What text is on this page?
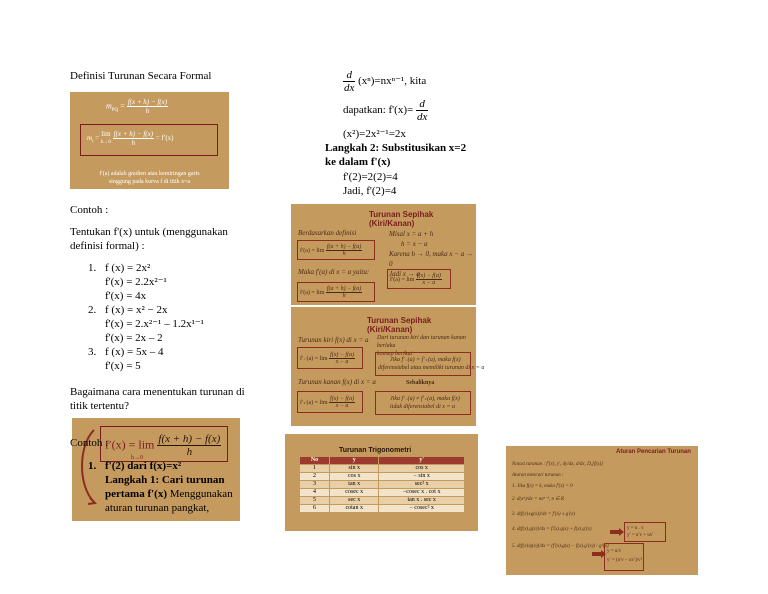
Definisi Turunan Secara Formal
$m_{PQ} = \frac{f(x + h) - f(x)}{h}$
$m_t = \lim$
$h\to 0 \frac{f(x + h) - f(x)}{h} = f'(x)$
f′(a) adalah gradien atau kemiringan garis
singgung pada kurva f di titik x=a
Contoh :
Tentukan f'(x) untuk (menggunakan
definisi formal) :
1. f (x) = 2x²
f'(x) = 2.2x²⁻¹
f'(x) = 4x
2. f (x) = x² − 2x
f'(x) = 2.x²⁻¹ – 1.2x¹⁻¹
f'(x) = 2x – 2
3. f (x) = 5x – 4
f'(x) = 5
Bagaimana cara menentukan turunan di
titik tertentu?
$f'(x) = \lim \frac{f(x + h) - f(x)}{h}$
h→0
Contoh :
1. f'(2) dari f(x)=x²
Langkah 1: Cari turunan
pertama f'(x) Menggunakan
aturan turunan pangkat,
$\frac{d}{dx} (x^n)=nx^{n-1}$, kita
dapatkan: $f'(x)= \frac{d}{dx}$
(x²)=2x²⁻¹=2x
Langkah 2: Substitusikan x=2
ke dalam f'(x)
f'(2)=2(2)=4
Jadi, f'(2)=4
Turunan Sepihak (Kiri/Kanan)
Berdasarkan definisi
$f'(a) = \lim \frac{f(a + h) - f(a)}{h}$
Maka f′(a) di x = a yaitu:
$f'(a) = \lim \frac{f(a + h) - f(a)}{h}$
Misal x = a + h
h = x − a
Karena h → 0, maka x − a → 0
Jadi x → a
$f'(a) = \lim \frac{f(x) - f(a)}{x - a}$
Turunan Sepihak (Kiri/Kanan)
Turunan kiri f(x) di x = a
$f'_-(a) = \lim \frac{f(x) - f(a)}{x - a}$
Turunan kanan f(x) di x = a
$f'_+(a) = \lim \frac{f(x) - f(a)}{x - a}$
Dari turunan kiri dan turunan kanan berlaku
konsep berikut
Jika f′₋(a) = f′₊(a), maka f(x)
diferensiabel atau memiliki turunan di x = a
Sebaliknya
Jika f′₋(a) ≠ f′₊(a), maka f(x)
tidak diferensiabel di x = a
Turunan Trigonometri
No	y	y′
1	sin x	cos x
2	cos x	− sin x
3	tan x	sec² x
4	cosec x	−cosec x . cot x
5	sec x	tan x . sec x
6	cotan x	− cosec² x
Aturan Pencarian Turunan
Notasi turunan : f′(x), y′, dy/dx, d/dx, Dₓ[f(x)]
Aturan mencari turunan :
1. Jika f(x) = k, maka f′(x) = 0
2. d(xⁿ)/dx = nxⁿ⁻¹, n ∈ R
3. d(f(x)±g(x))/dx = f′(x) ± g′(x)
4. d(f(x).g(x))/dx = f′(x).g(x) + f(x).g′(x)
5. d(f(x)/g(x))/dx = (f′(x).g(x) − f(x).g′(x)) / g²(x)
y = u . v
y′ = u′v + uv′
y = u/v
y′ = (u′v − uv′)/v²
